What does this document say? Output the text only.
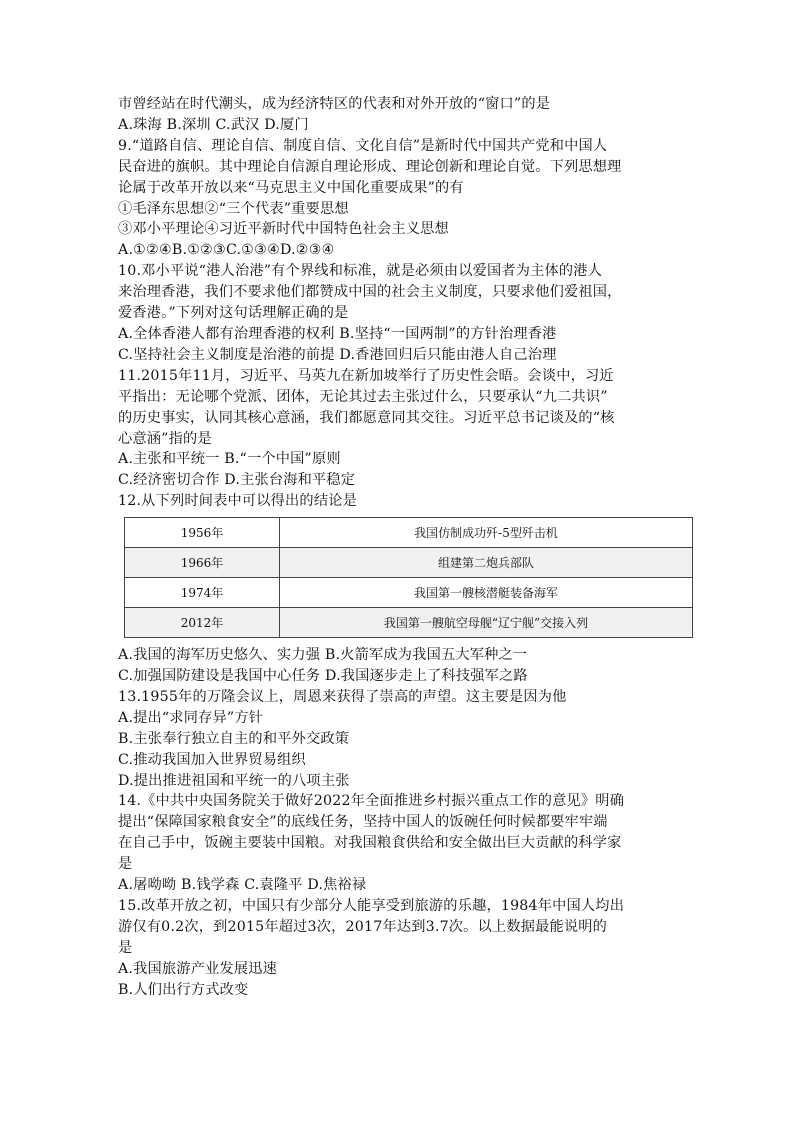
市曾经站在时代潮头，成为经济特区的代表和对外开放的“窗口”的是
A.珠海 B.深圳 C.武汉 D.厦门
9.“道路自信、理论自信、制度自信、文化自信”是新时代中国共产党和中国人
民奋进的旗帜。其中理论自信源自理论形成、理论创新和理论自觉。下列思想理
论属于改革开放以来“马克思主义中国化重要成果”的有
①毛泽东思想②“三个代表”重要思想
③邓小平理论④习近平新时代中国特色社会主义思想
A.①②④B.①②③C.①③④D.②③④
10.邓小平说“港人治港”有个界线和标准，就是必须由以爱国者为主体的港人
来治理香港，我们不要求他们都赞成中国的社会主义制度，只要求他们爱祖国，
爱香港。”下列对这句话理解正确的是
A.全体香港人都有治理香港的权利 B.坚持“一国两制”的方针治理香港
C.坚持社会主义制度是治港的前提 D.香港回归后只能由港人自己治理
11.2015年11月，习近平、马英九在新加坡举行了历史性会晤。会谈中，习近
平指出：无论哪个党派、团体，无论其过去主张过什么，只要承认“九二共识”
的历史事实，认同其核心意涵，我们都愿意同其交往。习近平总书记谈及的“核
心意涵”指的是
A.主张和平统一 B.“一个中国”原则
C.经济密切合作 D.主张台海和平稳定
12.从下列时间表中可以得出的结论是
1956年	我国仿制成功歼-5型歼击机
1966年	组建第二炮兵部队
1974年	我国第一艘核潜艇装备海军
2012年	我国第一艘航空母舰“辽宁舰”交接入列
A.我国的海军历史悠久、实力强 B.火箭军成为我国五大军种之一
C.加强国防建设是我国中心任务 D.我国逐步走上了科技强军之路
13.1955年的万隆会议上，周恩来获得了崇高的声望。这主要是因为他
A.提出“求同存异”方针
B.主张奉行独立自主的和平外交政策
C.推动我国加入世界贸易组织
D.提出推进祖国和平统一的八项主张
14.《中共中央国务院关于做好2022年全面推进乡村振兴重点工作的意见》明确
提出“保障国家粮食安全”的底线任务，坚持中国人的饭碗任何时候都要牢牢端
在自己手中，饭碗主要装中国粮。对我国粮食供给和安全做出巨大贡献的科学家
是
A.屠呦呦 B.钱学森 C.袁隆平 D.焦裕禄
15.改革开放之初，中国只有少部分人能享受到旅游的乐趣，1984年中国人均出
游仅有0.2次，到2015年超过3次，2017年达到3.7次。以上数据最能说明的
是
A.我国旅游产业发展迅速
B.人们出行方式改变
